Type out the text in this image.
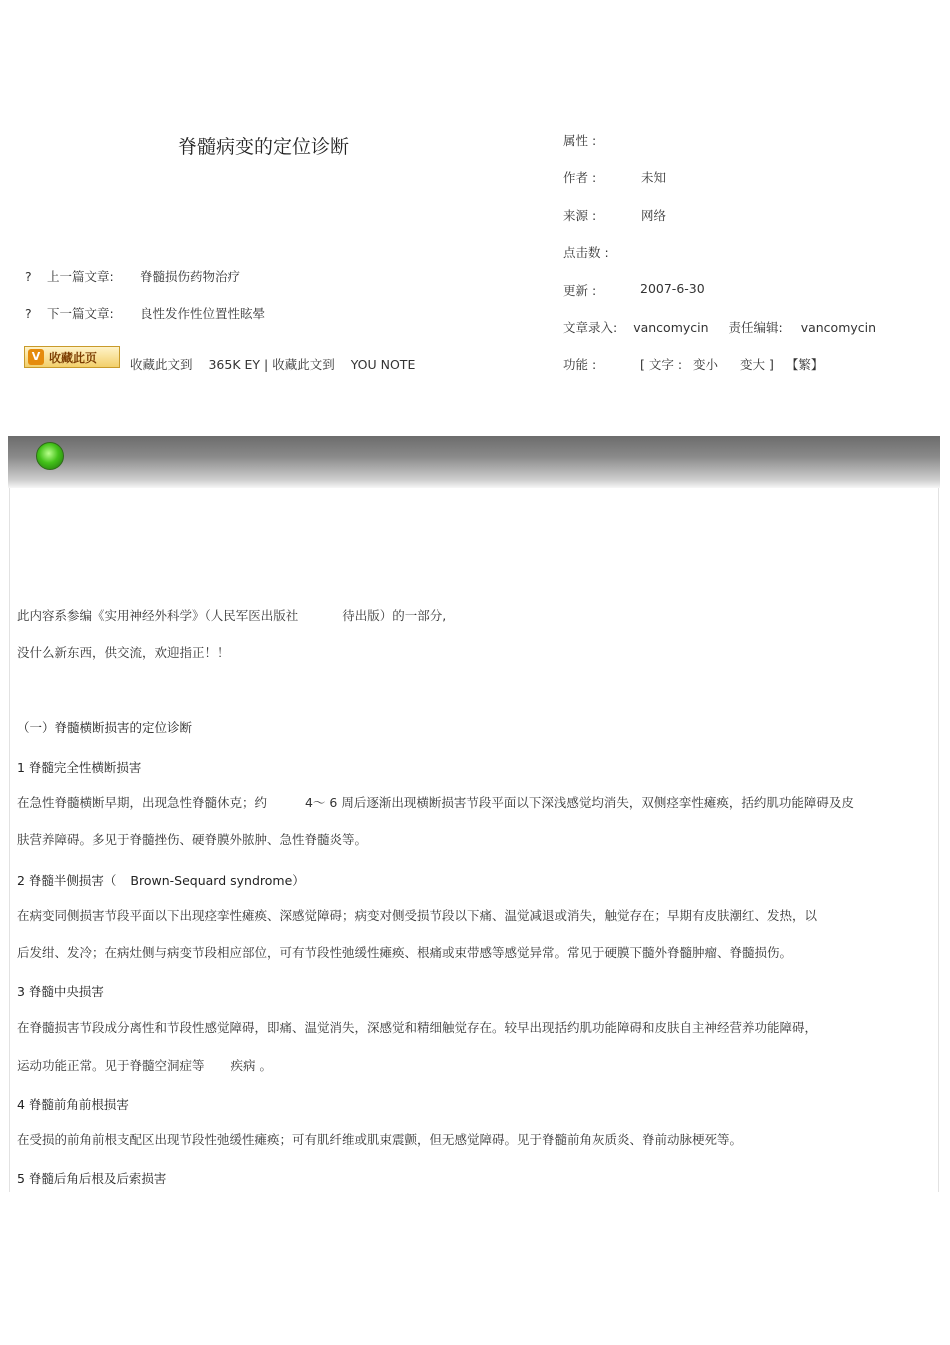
脊髓病变的定位诊断
? 上一篇文章: 脊髓损伤药物治疗
? 下一篇文章: 良性发作性位置性眩晕
V 收藏此页	收藏此文到 365K EY | 收藏此文到 YOU NOTE
属性 :
作者 :	未知
来源 :	网络
点击数 :
更新 :	2007-6-30
文章录入: vancomycin 责任编辑: vancomycin
功能 :	[ 文字 : 变小 变大 ] 【繁】
此内容系参编《实用神经外科学》（人民军医出版社	待出版）的一部分,
没什么新东西，供交流，欢迎指正！！
（一）脊髓横断损害的定位诊断
1 脊髓完全性横断损害
在急性脊髓横断早期，出现急性脊髓休克；约	4～ 6 周后逐渐出现横断损害节段平面以下深浅感觉均消失，双侧痉挛性瘫痪，括约肌功能障碍及皮
肤营养障碍。多见于脊髓挫伤、硬脊膜外脓肿、急性脊髓炎等。
2 脊髓半侧损害（ Brown-Sequard syndrome）
在病变同侧损害节段平面以下出现痉挛性瘫痪、深感觉障碍；病变对侧受损节段以下痛、温觉减退或消失，触觉存在；早期有皮肤潮红、发热，以
后发绀、发冷；在病灶侧与病变节段相应部位，可有节段性弛缓性瘫痪、根痛或束带感等感觉异常。常见于硬膜下髓外脊髓肿瘤、脊髓损伤。
3 脊髓中央损害
在脊髓损害节段成分离性和节段性感觉障碍，即痛、温觉消失，深感觉和精细触觉存在。较早出现括约肌功能障碍和皮肤自主神经营养功能障碍，
运动功能正常。见于脊髓空洞症等 疾病 。
4 脊髓前角前根损害
在受损的前角前根支配区出现节段性弛缓性瘫痪；可有肌纤维或肌束震颤，但无感觉障碍。见于脊髓前角灰质炎、脊前动脉梗死等。
5 脊髓后角后根及后索损害
